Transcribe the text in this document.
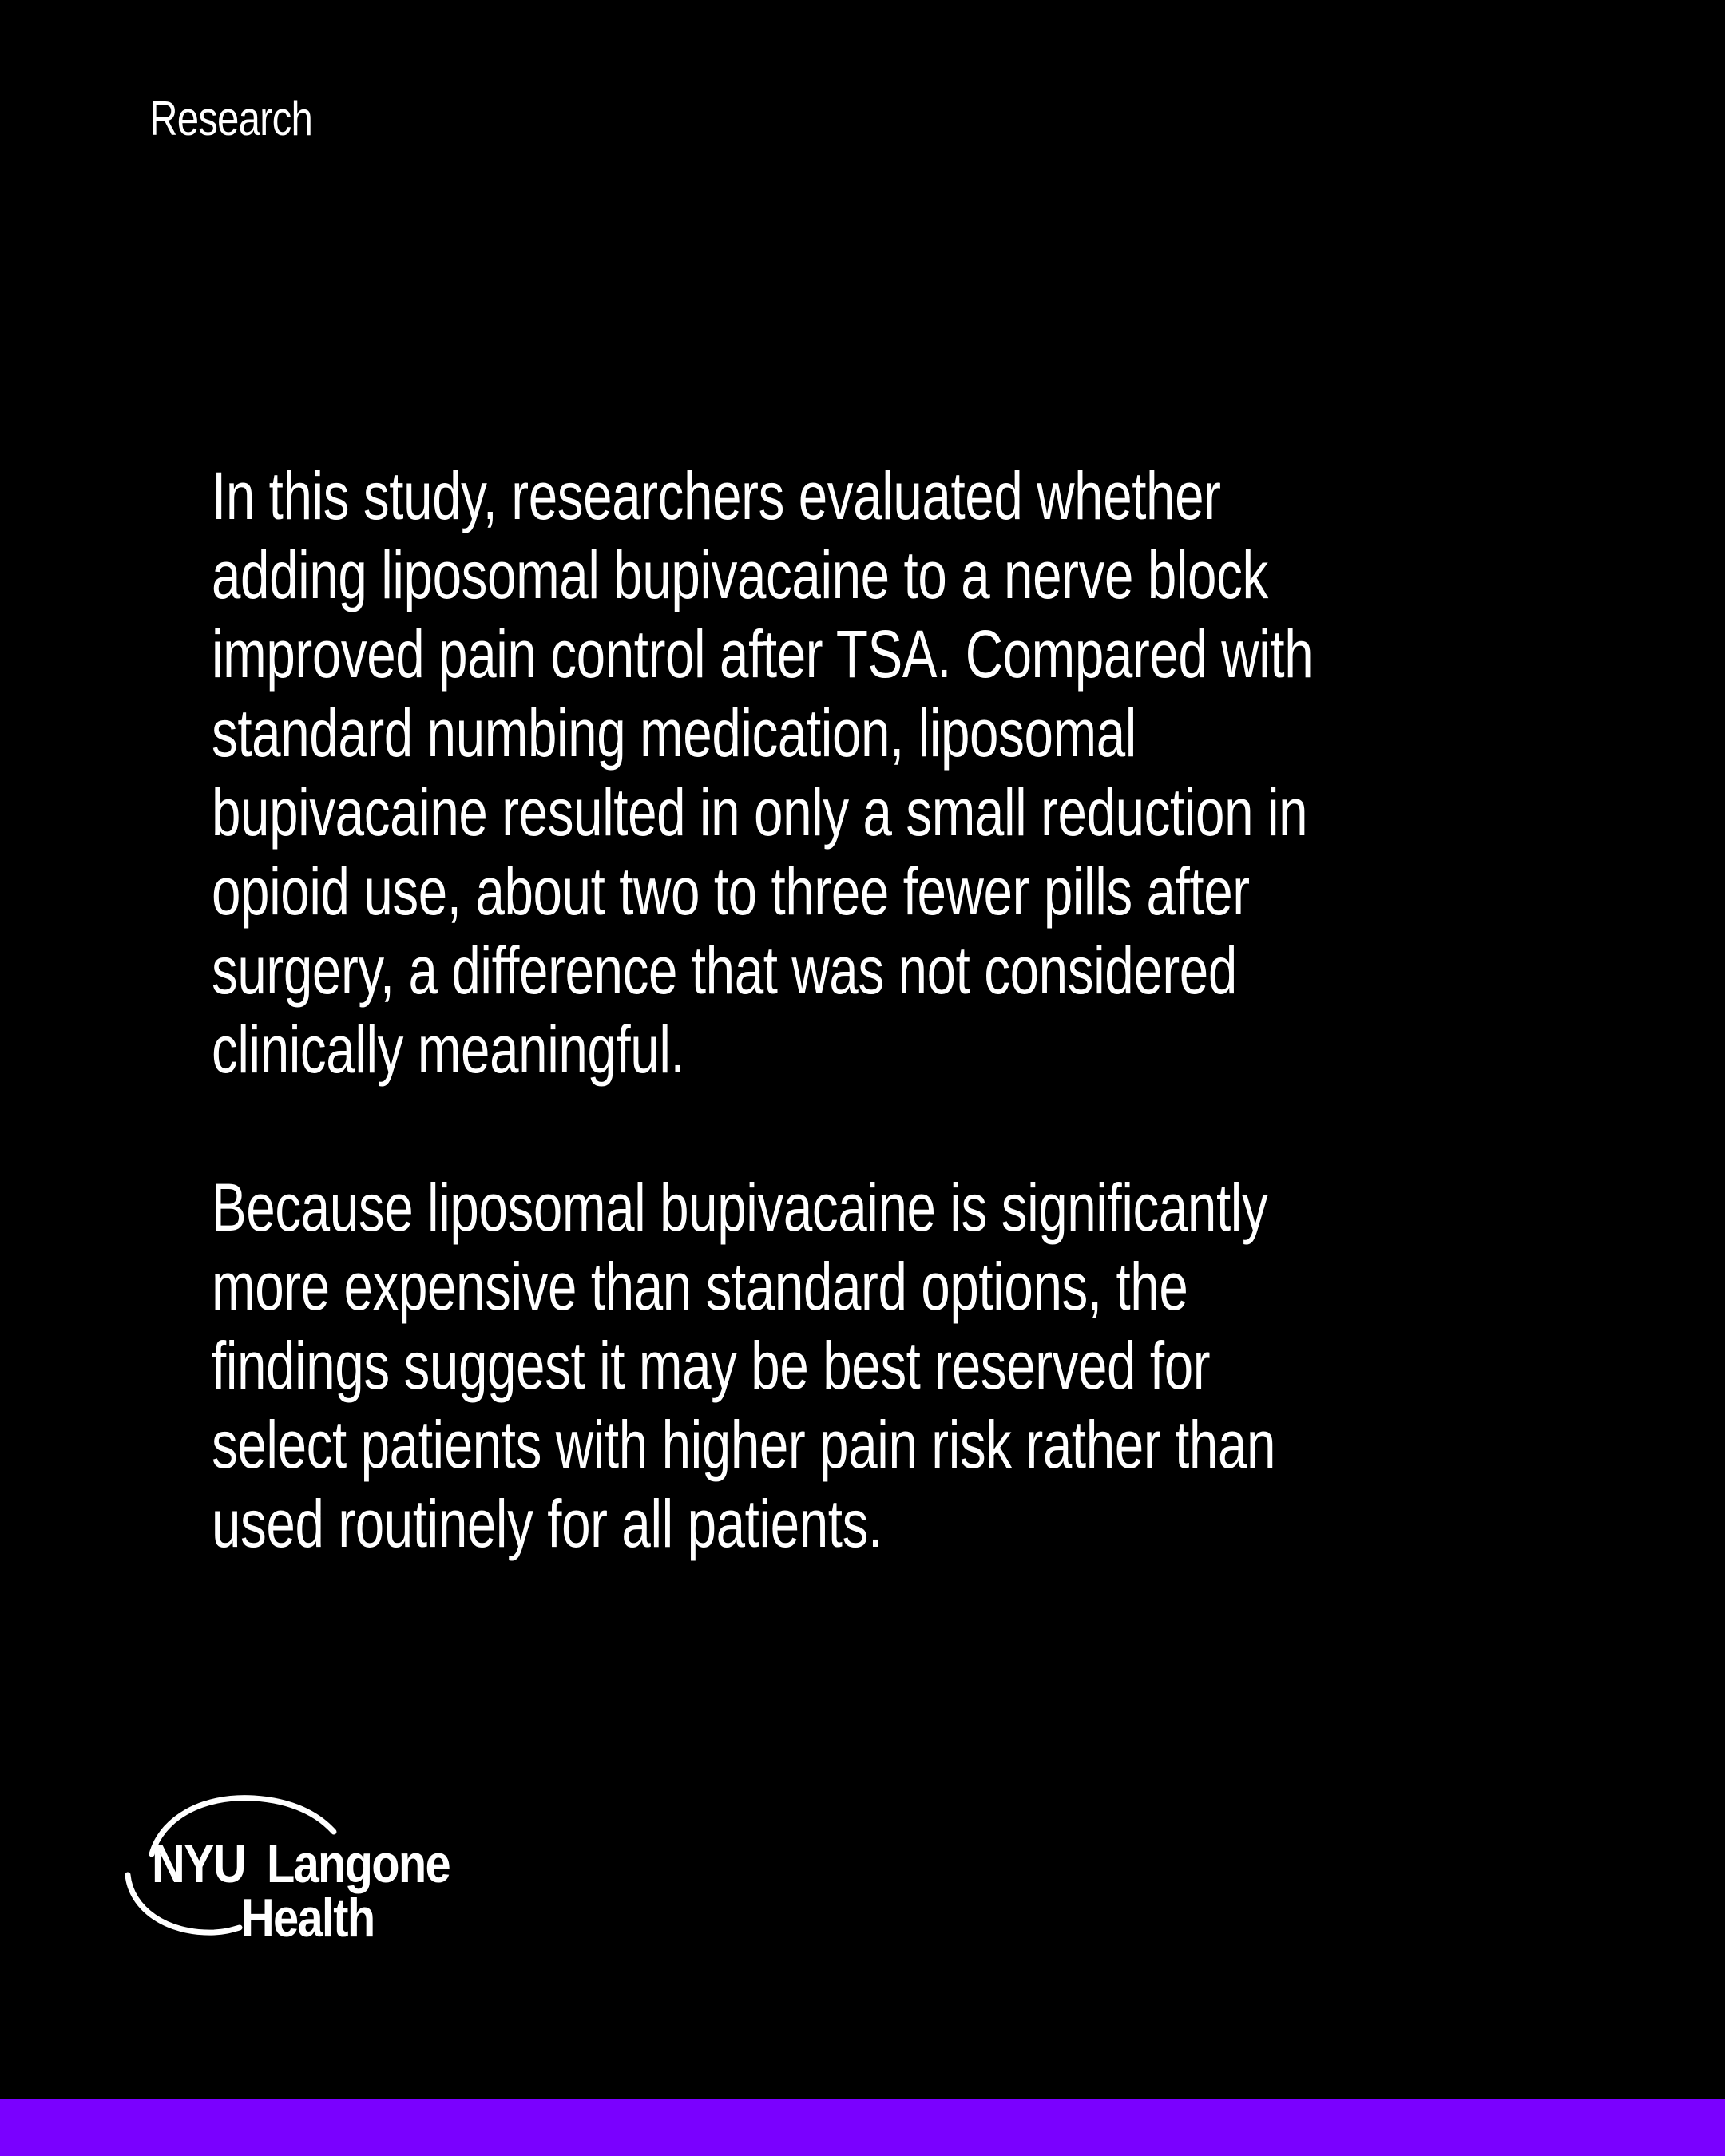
Research

In this study, researchers evaluated whether
adding liposomal bupivacaine to a nerve block
improved pain control after TSA. Compared with
standard numbing medication, liposomal
bupivacaine resulted in only a small reduction in
opioid use, about two to three fewer pills after
surgery, a difference that was not considered
clinically meaningful.

Because liposomal bupivacaine is significantly
more expensive than standard options, the
findings suggest it may be best reserved for
select patients with higher pain risk rather than
used routinely for all patients.

NYU Langone
Health
